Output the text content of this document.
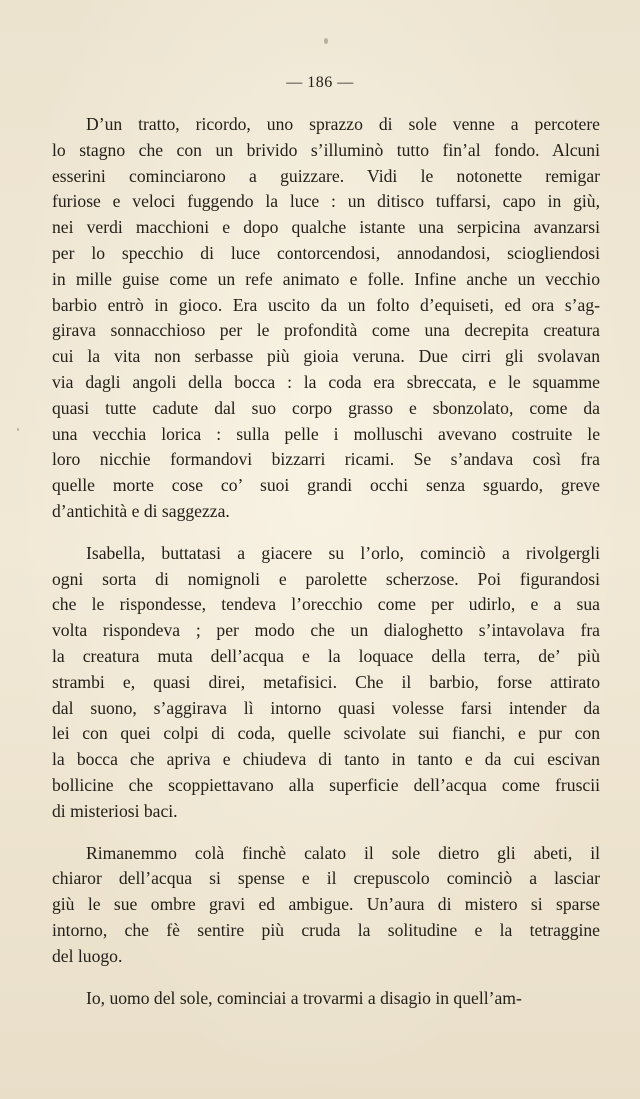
— 186 —
D’un tratto, ricordo, uno sprazzo di sole venne a percotere
lo stagno che con un brivido s’illuminò tutto fin’al fondo. Alcuni
esserini cominciarono a guizzare. Vidi le notonette remigar
furiose e veloci fuggendo la luce : un ditisco tuffarsi, capo in giù,
nei verdi macchioni e dopo qualche istante una serpicina avanzarsi
per lo specchio di luce contorcendosi, annodandosi, sciogliendosi
in mille guise come un refe animato e folle. Infine anche un vecchio
barbio entrò in gioco. Era uscito da un folto d’equiseti, ed ora s’ag-
girava sonnacchioso per le profondità come una decrepita creatura
cui la vita non serbasse più gioia veruna. Due cirri gli svolavan
via dagli angoli della bocca : la coda era sbreccata, e le squamme
quasi tutte cadute dal suo corpo grasso e sbonzolato, come da
una vecchia lorica : sulla pelle i molluschi avevano costruite le
loro nicchie formandovi bizzarri ricami. Se s’andava così fra
quelle morte cose co’ suoi grandi occhi senza sguardo, greve
d’antichità e di saggezza.
Isabella, buttatasi a giacere su l’orlo, cominciò a rivolgergli
ogni sorta di nomignoli e parolette scherzose. Poi figurandosi
che le rispondesse, tendeva l’orecchio come per udirlo, e a sua
volta rispondeva ; per modo che un dialoghetto s’intavolava fra
la creatura muta dell’acqua e la loquace della terra, de’ più
strambi e, quasi direi, metafisici. Che il barbio, forse attirato
dal suono, s’aggirava lì intorno quasi volesse farsi intender da
lei con quei colpi di coda, quelle scivolate sui fianchi, e pur con
la bocca che apriva e chiudeva di tanto in tanto e da cui escivan
bollicine che scoppiettavano alla superficie dell’acqua come fruscii
di misteriosi baci.
Rimanemmo colà finchè calato il sole dietro gli abeti, il
chiaror dell’acqua si spense e il crepuscolo cominciò a lasciar
giù le sue ombre gravi ed ambigue. Un’aura di mistero si sparse
intorno, che fè sentire più cruda la solitudine e la tetraggine
del luogo.
Io, uomo del sole, cominciai a trovarmi a disagio in quell’am-
